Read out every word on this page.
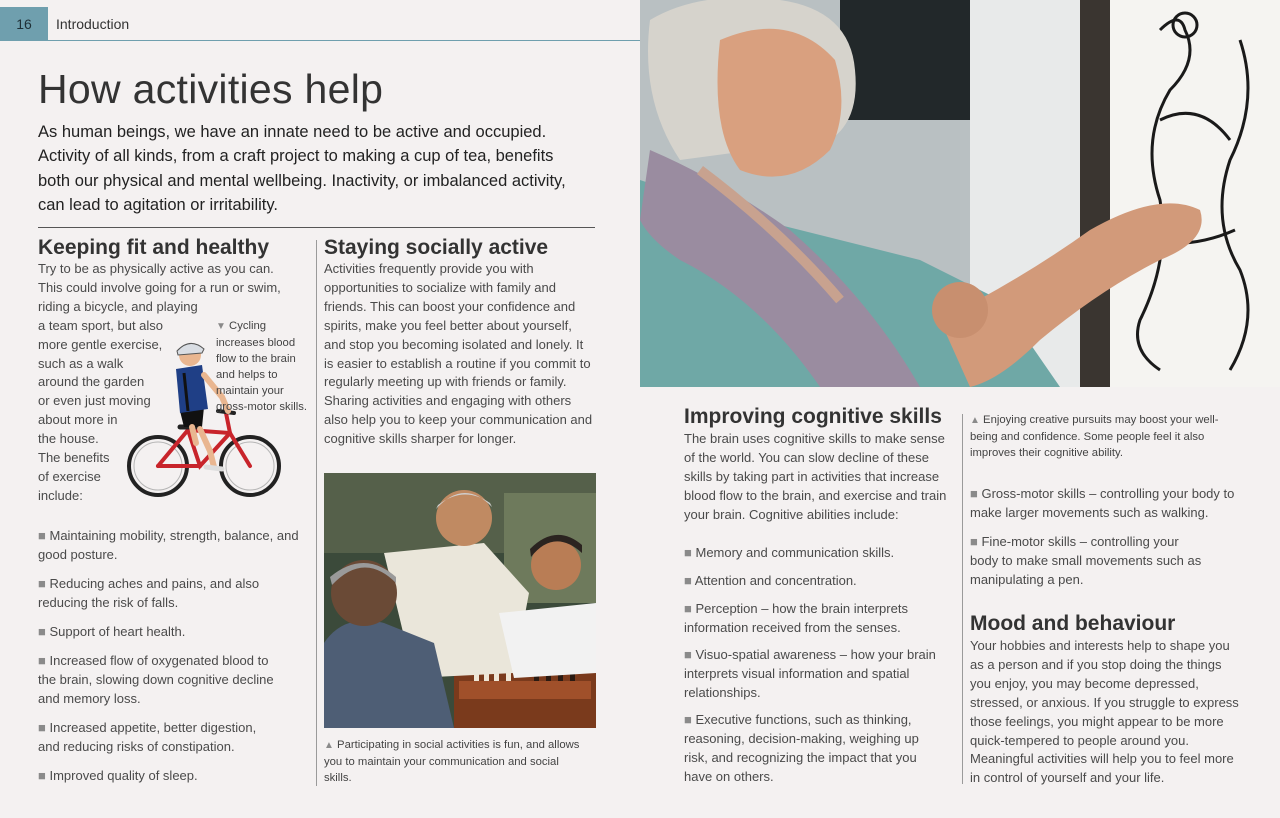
16	Introduction
How activities help

As human beings, we have an innate need to be active and occupied. Activity of all kinds, from a craft project to making a cup of tea, benefits both our physical and mental wellbeing. Inactivity, or imbalanced activity, can lead to agitation or irritability.

Keeping fit and healthy
Try to be as physically active as you can.
This could involve going for a run or swim,
riding a bicycle, and playing
a team sport, but also
more gentle exercise,
such as a walk
around the garden
or even just moving
about more in
the house.
The benefits
of exercise
include:
▼ Cycling increases blood flow to the brain and helps to maintain your gross-motor skills.
■ Maintaining mobility, strength, balance, and good posture.
■ Reducing aches and pains, and also reducing the risk of falls.
■ Support of heart health.
■ Increased flow of oxygenated blood to the brain, slowing down cognitive decline and memory loss.
■ Increased appetite, better digestion, and reducing risks of constipation.
■ Improved quality of sleep.
Staying socially active

Activities frequently provide you with opportunities to socialize with family and friends. This can boost your confidence and spirits, make you feel better about yourself, and stop you becoming isolated and lonely. It is easier to establish a routine if you commit to regularly meeting up with friends or family. Sharing activities and engaging with others also help you to keep your communication and cognitive skills sharper for longer.

▲ Participating in social activities is fun, and allows you to maintain your communication and social skills.
Improving cognitive skills

The brain uses cognitive skills to make sense of the world. You can slow decline of these skills by taking part in activities that increase blood flow to the brain, and exercise and train your brain. Cognitive abilities include:

■ Memory and communication skills.
■ Attention and concentration.
■ Perception – how the brain interprets information received from the senses.
■ Visuo-spatial awareness – how your brain interprets visual information and spatial relationships.
■ Executive functions, such as thinking, reasoning, decision-making, weighing up risk, and recognizing the impact that you have on others.
▲ Enjoying creative pursuits may boost your well-being and confidence. Some people feel it also improves their cognitive ability.
■ Gross-motor skills – controlling your body to make larger movements such as walking.
■ Fine-motor skills – controlling your body to make small movements such as manipulating a pen.
Mood and behaviour

Your hobbies and interests help to shape you as a person and if you stop doing the things you enjoy, you may become depressed, stressed, or anxious. If you struggle to express those feelings, you might appear to be more quick-tempered to people around you. Meaningful activities will help you to feel more in control of yourself and your life.
